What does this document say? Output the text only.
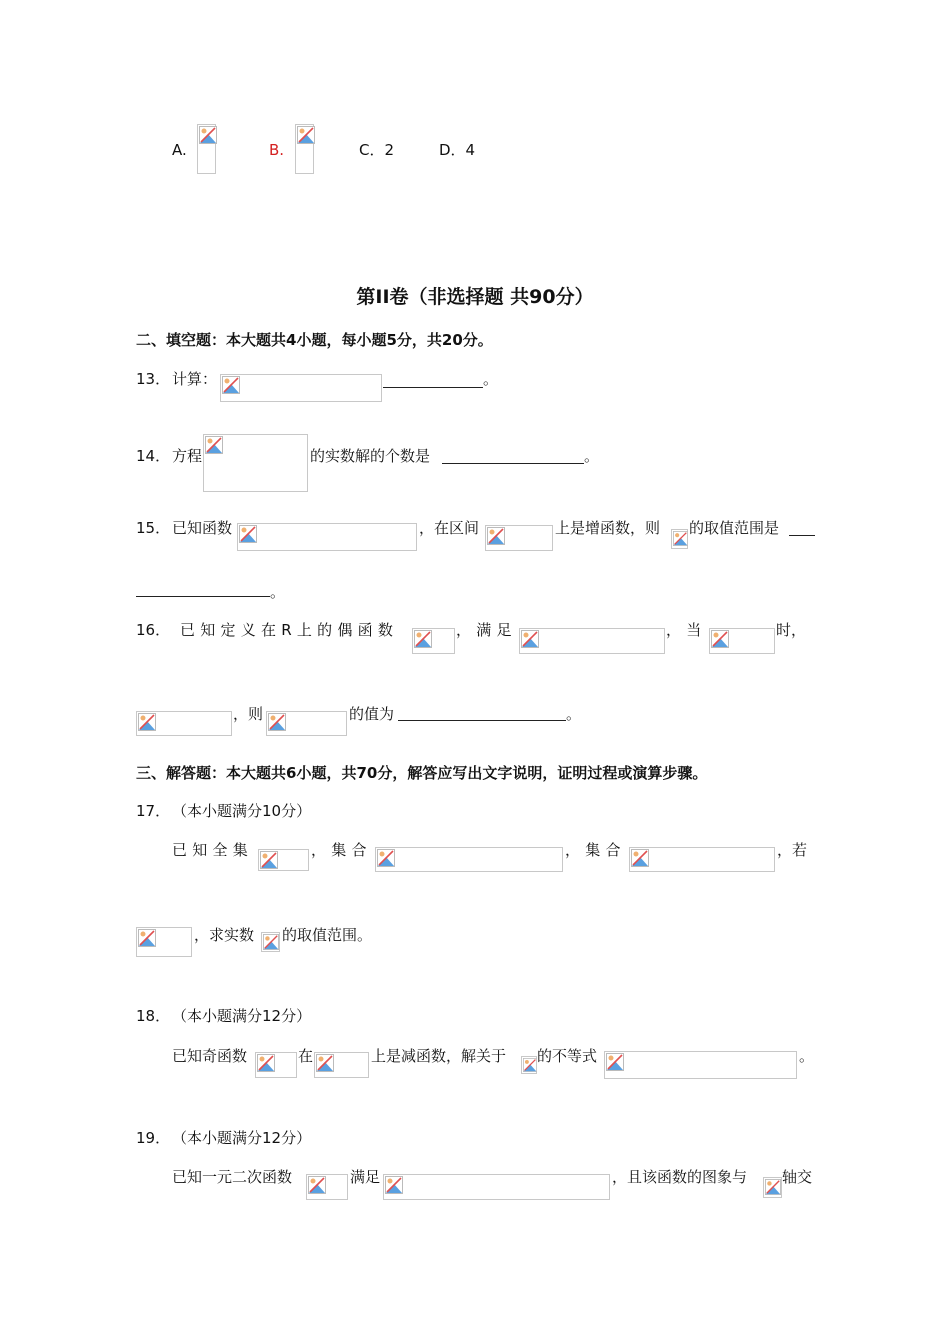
A.	B.	C．2	D．4
第II卷（非选择题 共90分）
二、填空题：本大题共4小题，每小题5分，共20分。
13． 计算：	。
14． 方程	的实数解的个数是	。
15． 已知函数	，在区间	上是增函数，则 的取值范围是
。
16． 已知定义在R上的偶函数	，满足	，当	时，
，则	的值为	。
三、解答题：本大题共6小题，共70分，解答应写出文字说明，证明过程或演算步骤。
17． （本小题满分10分）
已知全集	，集合	，集合	，若
，求实数 的取值范围。
18． （本小题满分12分）
已知奇函数	在	上是减函数，解关于 的不等式	。
19． （本小题满分12分）
已知一元二次函数	满足	，且该函数的图象与 轴交
